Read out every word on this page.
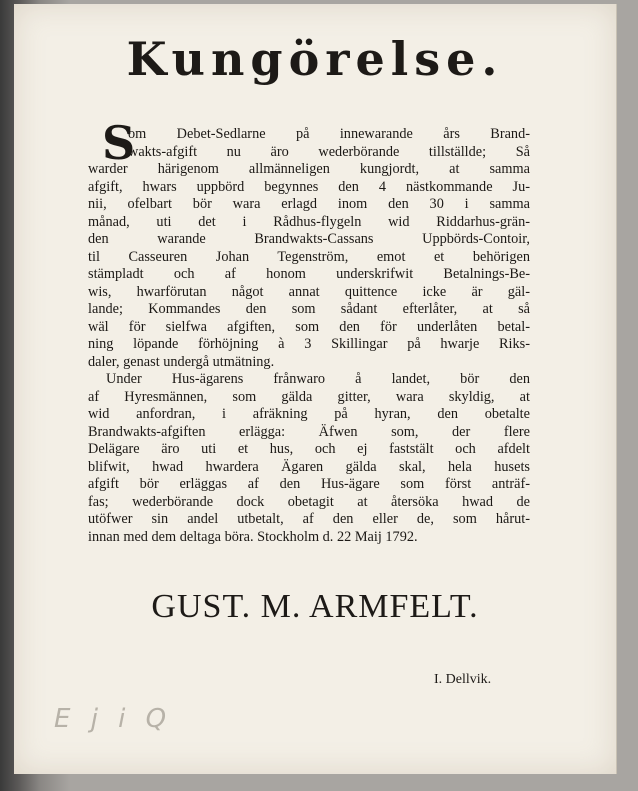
Kungörelse.
S
om Debet-Sedlarne på innewarande års Brand-
wakts-afgift nu äro wederbörande tillställde; Så
warder härigenom allmänneligen kungjordt, at samma
afgift, hwars uppbörd begynnes den 4 nästkommande Ju-
nii, ofelbart bör wara erlagd inom den 30 i samma
månad, uti det i Rådhus-flygeln wid Riddarhus-grän-
den warande Brandwakts-Cassans Uppbörds-Contoir,
til Casseuren Johan Tegenström, emot et behörigen
stämpladt och af honom underskrifwit Betalnings-Be-
wis, hwarförutan något annat quittence icke är gäl-
lande; Kommandes den som sådant efterlåter, at så
wäl för sielfwa afgiften, som den för underlåten betal-
ning löpande förhöjning à 3 Skillingar på hwarje Riks-
daler, genast undergå utmätning.
Under Hus-ägarens frånwaro å landet, bör den
af Hyresmännen, som gälda gitter, wara skyldig, at
wid anfordran, i afräkning på hyran, den obetalte
Brandwakts-afgiften erlägga: Äfwen som, der flere
Delägare äro uti et hus, och ej faststält och afdelt
blifwit, hwad hwardera Ägaren gälda skal, hela husets
afgift bör erläggas af den Hus-ägare som först anträf-
fas; wederbörande dock obetagit at återsöka hwad de
utöfwer sin andel utbetalt, af den eller de, som hårut-
innan med dem deltaga böra. Stockholm d. 22 Maij 1792.
GUST. M. ARMFELT.
I. Dellvik.
E j i Q
